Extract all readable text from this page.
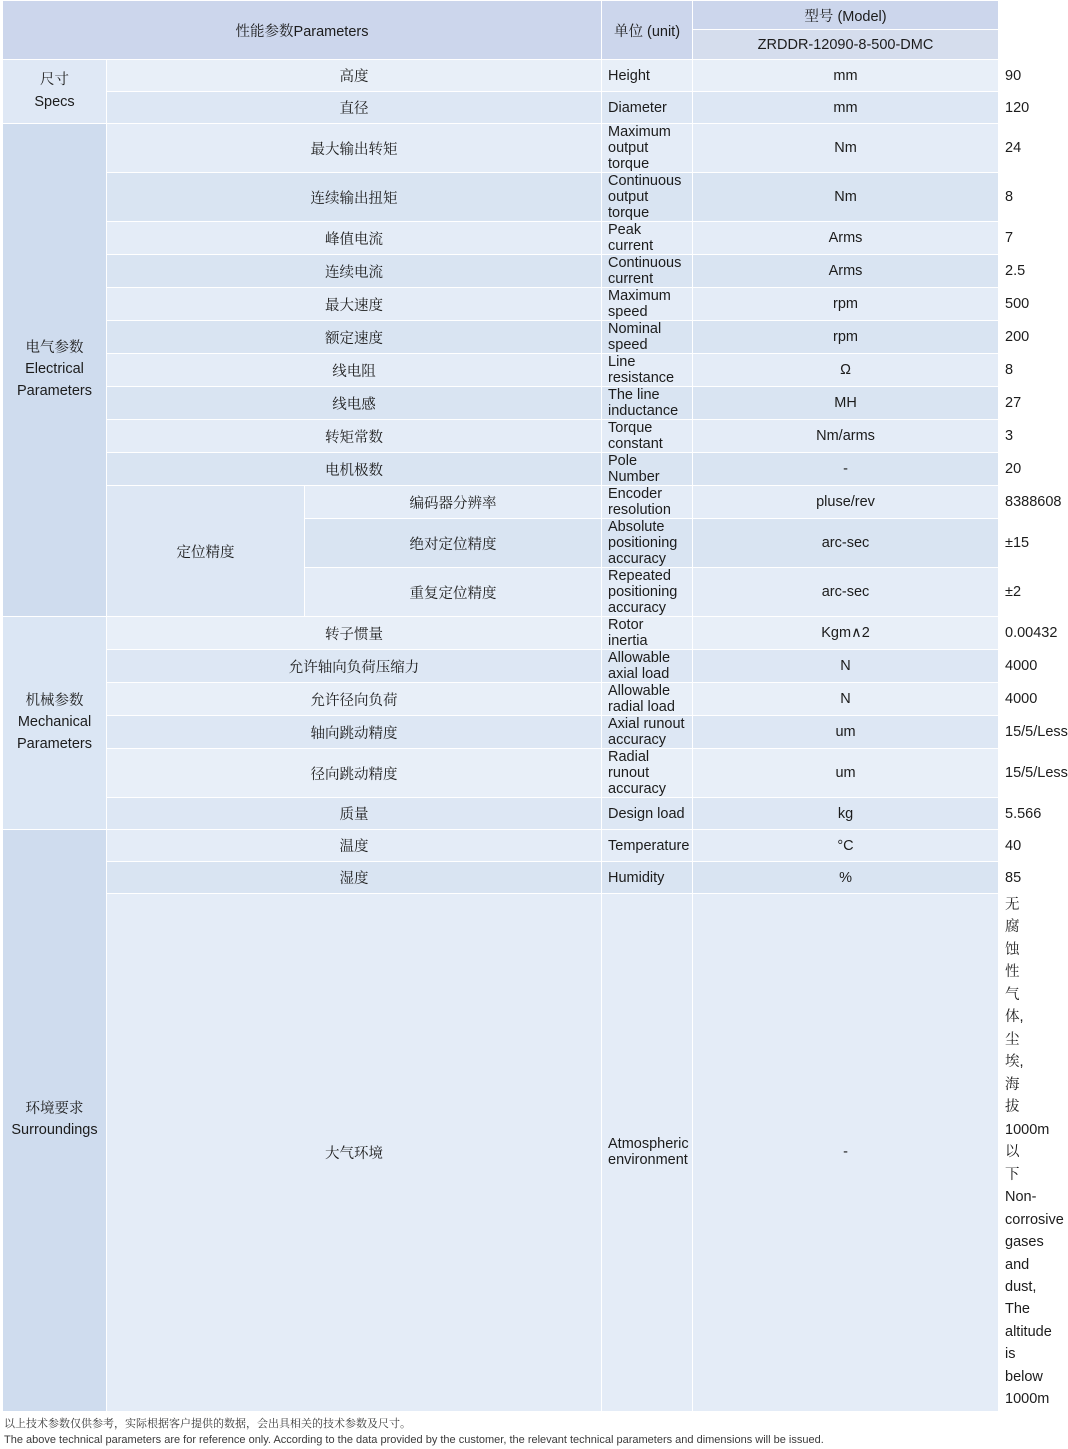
性能参数Parameters			单位 (unit)	型号 (Model)	
				ZRDDR-12090-8-500-DMC	
尺寸
Specs	高度		Height	mm	90
	直径		Diameter	mm	120
电气参数
Electrical
Parameters	最大输出转矩		Maximum output torque	Nm	24
	连续输出扭矩		Continuous output torque	Nm	8
	峰值电流		Peak current	Arms	7
	连续电流		Continuous current	Arms	2.5
	最大速度		Maximum speed	rpm	500
	额定速度		Nominal speed	rpm	200
	线电阻		Line resistance	Ω	8
	线电感		The line inductance	MH	27
	转矩常数		Torque constant	Nm/arms	3
	电机极数		Pole Number	-	20
	定位精度	编码器分辨率	Encoder resolution	pluse/rev	8388608
		绝对定位精度	Absolute positioning accuracy	arc-sec	±15
		重复定位精度	Repeated positioning accuracy	arc-sec	±2
机械参数
Mechanical
Parameters	转子惯量		Rotor inertia	Kgm∧2	0.00432
	允许轴向负荷压缩力		Allowable axial load	N	4000
	允许径向负荷		Allowable radial load	N	4000
	轴向跳动精度		Axial runout accuracy	um	15/5/Less
	径向跳动精度		Radial runout accuracy	um	15/5/Less
	质量		Design load	kg	5.566
环境要求
Surroundings	温度		Temperature	°C	40
	湿度		Humidity	%	85
	大气环境		Atmospheric environment	-	无腐蚀性气体, 尘埃, 海拔1000m以下
Non-corrosive gases and dust,
The altitude is below 1000m
以上技术参数仅供参考，实际根据客户提供的数据，会出具相关的技术参数及尺寸。
The above technical parameters are for reference only. According to the data provided by the customer, the relevant technical parameters and dimensions will be issued.
